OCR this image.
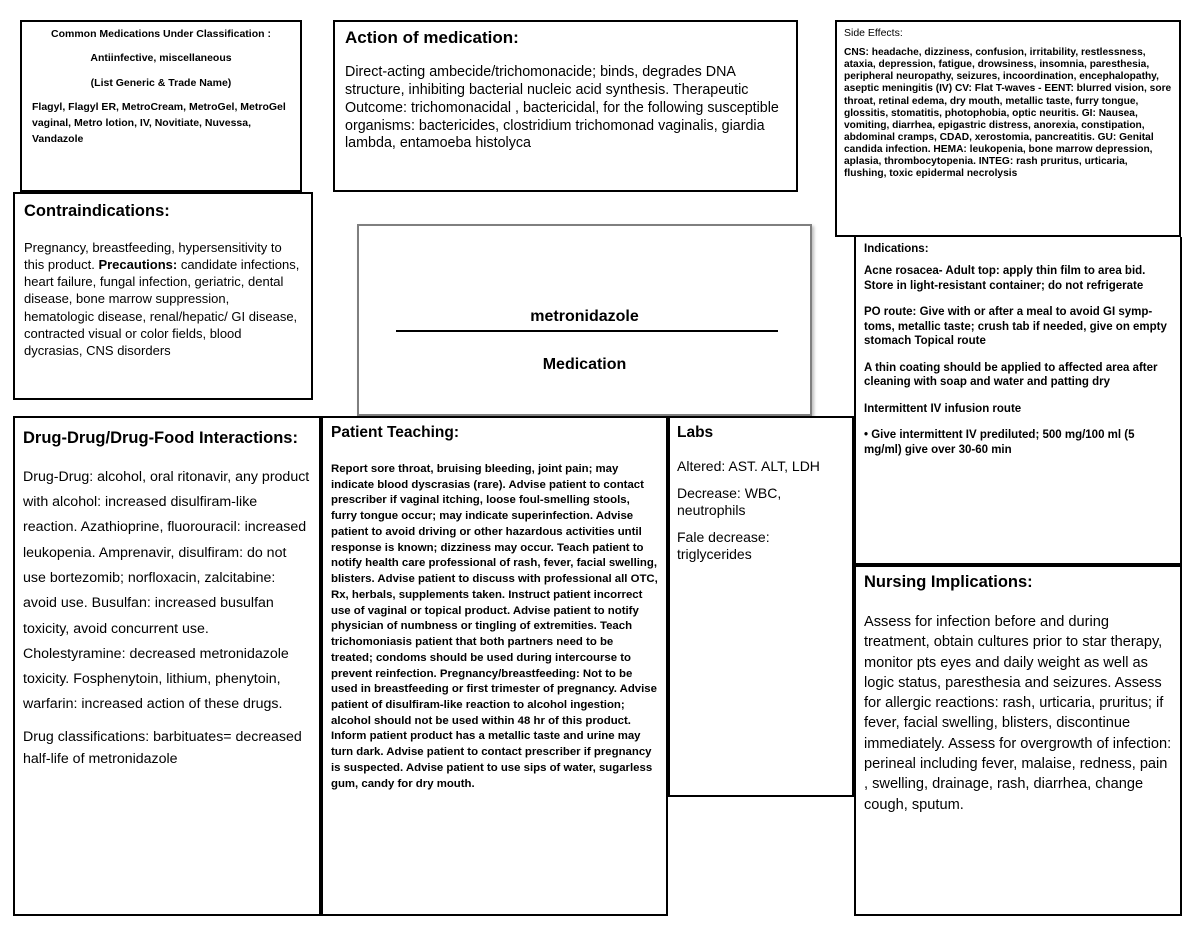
Common Medications Under Classification :

Antiinfective, miscellaneous

(List Generic & Trade Name)

Flagyl, Flagyl ER, MetroCream, MetroGel, MetroGel vaginal, Metro lotion, IV, Novitiate, Nuvessa, Vandazole

Action of medication:

Direct-acting ambecide/trichomonacide; binds, degrades DNA structure, inhibiting bacterial nucleic acid synthesis. Therapeutic Outcome: trichomonacidal , bactericidal, for the following susceptible organisms: bactericides, clostridium trichomonad vaginalis, giardia lambda, entamoeba histolyca

Side Effects:

CNS: headache, dizziness, confusion, irritability, restlessness, ataxia, depression, fatigue, drowsiness, insomnia, paresthesia, peripheral neuropathy, seizures, incoordination, encephalopathy, aseptic meningitis (IV) CV: Flat T-waves - EENT: blurred vision, sore throat, retinal edema, dry mouth, metallic taste, furry tongue, glossitis, stomatitis, photophobia, optic neuritis. GI: Nausea, vomiting, diarrhea, epigastric distress, anorexia, constipation, abdominal cramps, CDAD, xerostomia, pancreatitis. GU: Genital candida infection. HEMA: leukopenia, bone marrow depression, aplasia, thrombocytopenia. INTEG: rash pruritus, urticaria, flushing, toxic epidermal necrolysis

Contraindications:

Pregnancy, breastfeeding, hypersensitivity to this product. Precautions: candidate infections, heart failure, fungal infection, geriatric, dental disease, bone marrow suppression, hematologic disease, renal/hepatic/ GI disease, contracted visual or color fields, blood dycrasias, CNS disorders

metronidazole
Medication

Indications:

Acne rosacea- Adult top: apply thin film to area bid. Store in light-resistant container; do not refrigerate

PO route: Give with or after a meal to avoid GI symp-toms, metallic taste; crush tab if needed, give on empty stomach Topical route

A thin coating should be applied to affected area after cleaning with soap and water and patting dry

Intermittent IV infusion route

• Give intermittent IV prediluted; 500 mg/100 ml (5 mg/ml) give over 30-60 min

Drug-Drug/Drug-Food Interactions:

Drug-Drug: alcohol, oral ritonavir, any product with alcohol: increased disulfiram-like reaction. Azathioprine, fluorouracil: increased leukopenia. Amprenavir, disulfiram: do not use bortezomib; norfloxacin, zalcitabine: avoid use. Busulfan: increased busulfan toxicity, avoid concurrent use. Cholestyramine: decreased metronidazole toxicity. Fosphenytoin, lithium, phenytoin, warfarin: increased action of these drugs.

Drug classifications: barbituates= decreased half-life of metronidazole

Patient Teaching:

Report sore throat, bruising bleeding, joint pain; may indicate blood dyscrasias (rare). Advise patient to contact prescriber if vaginal itching, loose foul-smelling stools, furry tongue occur; may indicate superinfection. Advise patient to avoid driving or other hazardous activities until response is known; dizziness may occur. Teach patient to notify health care professional of rash, fever, facial swelling, blisters. Advise patient to discuss with professional all OTC, Rx, herbals, supplements taken. Instruct patient incorrect use of vaginal or topical product. Advise patient to notify physician of numbness or tingling of extremities. Teach trichomoniasis patient that both partners need to be treated; condoms should be used during intercourse to prevent reinfection. Pregnancy/breastfeeding: Not to be used in breastfeeding or first trimester of pregnancy. Advise patient of disulfiram-like reaction to alcohol ingestion; alcohol should not be used within 48 hr of this product. Inform patient product has a metallic taste and urine may turn dark. Advise patient to contact prescriber if pregnancy is suspected. Advise patient to use sips of water, sugarless gum, candy for dry mouth.

Labs

Altered: AST. ALT, LDH

Decrease: WBC, neutrophils

Fale decrease: triglycerides

Nursing Implications:

Assess for infection before and during treatment, obtain cultures prior to star therapy, monitor pts eyes and daily weight as well as logic status, paresthesia and seizures. Assess for allergic reactions: rash, urticaria, pruritus; if fever, facial swelling, blisters, discontinue immediately. Assess for overgrowth of infection: perineal including fever, malaise, redness, pain , swelling, drainage, rash, diarrhea, change cough, sputum.
